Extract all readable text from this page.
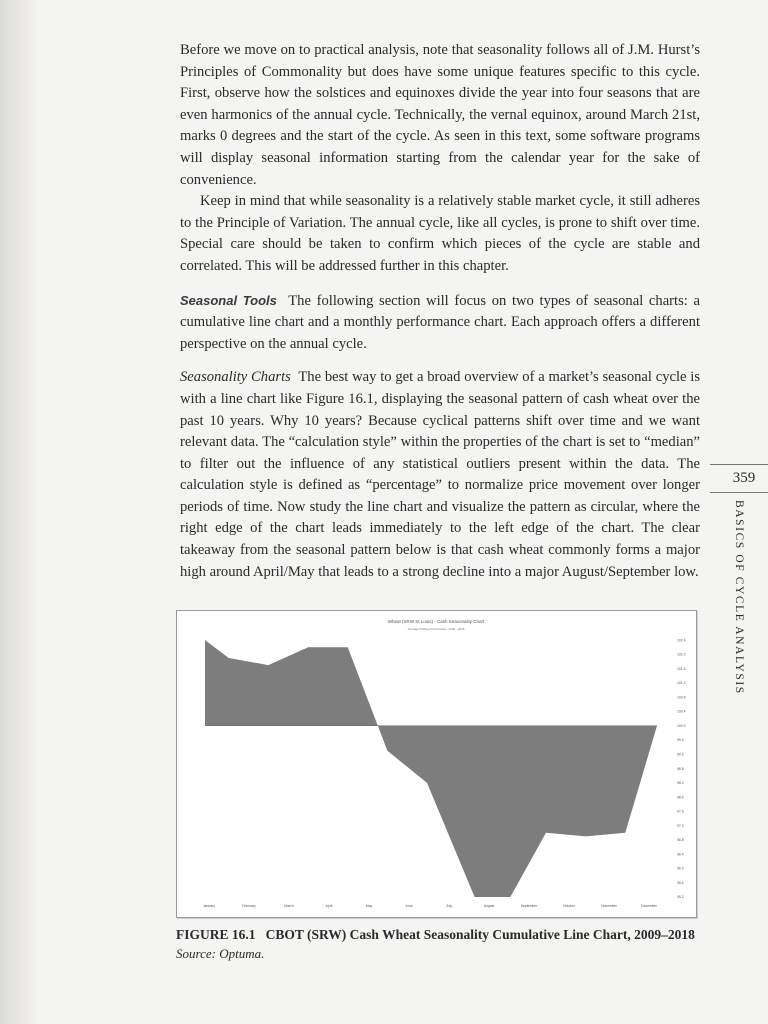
Before we move on to practical analysis, note that seasonality follows all of J.M. Hurst’s Principles of Commonality but does have some unique features specific to this cycle. First, observe how the solstices and equinoxes divide the year into four seasons that are even harmonics of the annual cycle. Technically, the vernal equinox, around March 21st, marks 0 degrees and the start of the cycle. As seen in this text, some software programs will display seasonal information starting from the calendar year for the sake of convenience.

Keep in mind that while seasonality is a relatively stable market cycle, it still adheres to the Principle of Variation. The annual cycle, like all cycles, is prone to shift over time. Special care should be taken to confirm which pieces of the cycle are stable and correlated. This will be addressed further in this chapter.

Seasonal Tools The following section will focus on two types of seasonal charts: a cumulative line chart and a monthly performance chart. Each approach offers a different perspective on the annual cycle.

Seasonality Charts The best way to get a broad overview of a market’s seasonal cycle is with a line chart like Figure 16.1, displaying the seasonal pattern of cash wheat over the past 10 years. Why 10 years? Because cyclical patterns shift over time and we want relevant data. The “calculation style” within the properties of the chart is set to “median” to filter out the influence of any statistical outliers present within the data. The calculation style is defined as “percentage” to normalize price movement over longer periods of time. Now study the line chart and visualize the pattern as circular, where the right edge of the chart leads immediately to the left edge of the chart. The clear takeaway from the seasonal pattern below is that cash wheat commonly forms a major high around April/May that leads to a strong decline into a major August/September low.

359
BASICS OF CYCLE ANALYSIS
Wheat (SRW St Louis) - Cash Seasonality Chart
Average Rolling Performance, 2009 - 2018
January	February	March	April	May	June	July	August	September	October	November	December
102.4
102.0
101.6
101.2
100.8
100.4
100.0
99.6
99.2
98.8
98.4
98.0
97.6
97.2
96.8
96.4
96.0
95.6
95.2
FIGURE 16.1 CBOT (SRW) Cash Wheat Seasonality Cumulative Line Chart, 2009–2018
Source: Optuma.
